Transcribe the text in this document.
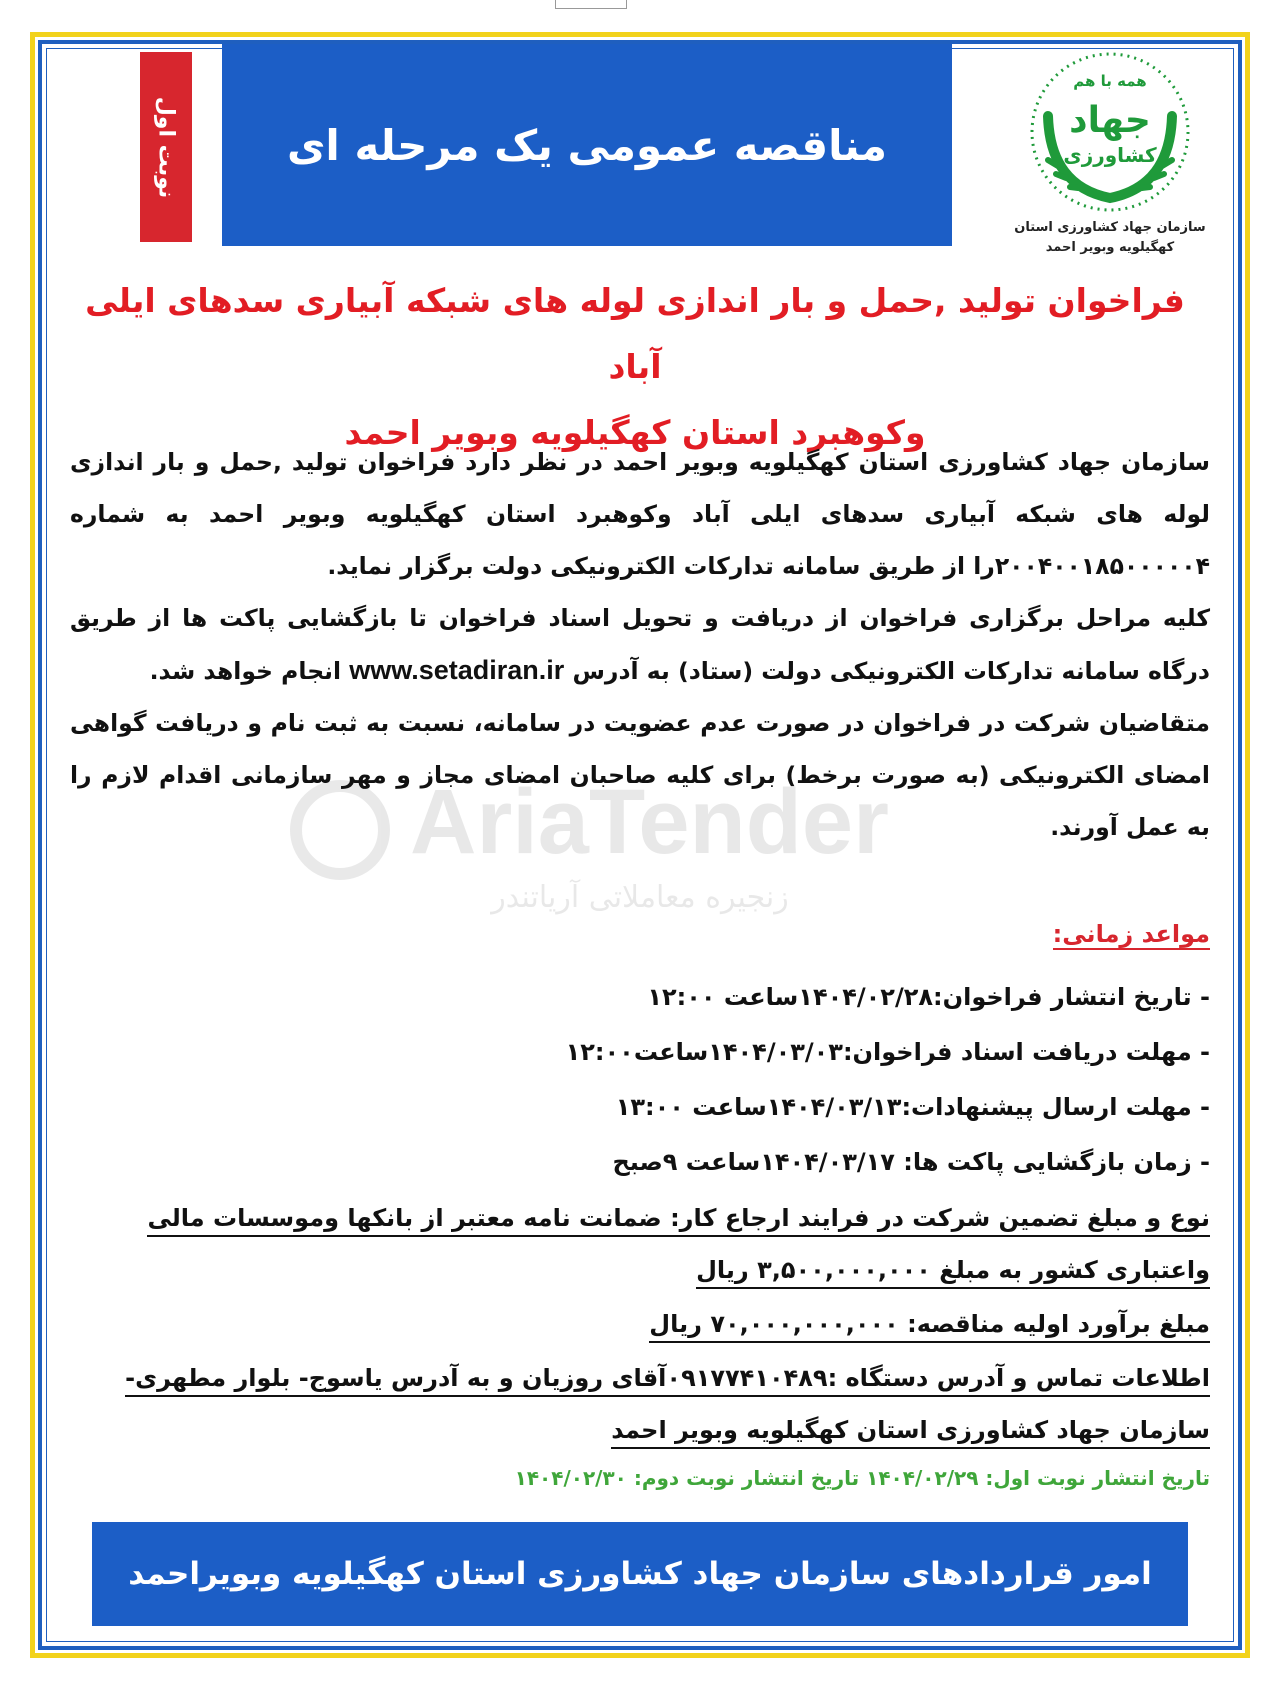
AriaTender
زنجیره معاملاتی آریاتندر
نوبت اول	مناقصه عمومی یک مرحله ای
همه با هم
جهاد
کشاورزی
سازمان جهاد کشاورزی استان
کهگیلویه وبویر احمد
فراخوان تولید ,حمل و بار اندازی لوله های شبکه آبیاری سدهای ایلی آباد
وکوهبرد استان کهگیلویه وبویر احمد

سازمان جهاد کشاورزی استان کهگیلویه وبویر احمد در نظر دارد فراخوان تولید ,حمل و بار اندازی لوله های شبکه آبیاری سدهای ایلی آباد وکوهبرد استان کهگیلویه وبویر احمد به شماره ۲۰۰۴۰۰۱۸۵۰۰۰۰۰۴را از طریق سامانه تدارکات الکترونیکی دولت برگزار نماید.

کلیه مراحل برگزاری فراخوان از دریافت و تحویل اسناد فراخوان تا بازگشایی پاکت ها از طریق درگاه سامانه تدارکات الکترونیکی دولت (ستاد) به آدرس www.setadiran.ir انجام خواهد شد.

متقاضیان شرکت در فراخوان در صورت عدم عضویت در سامانه، نسبت به ثبت نام و دریافت گواهی امضای الکترونیکی (به صورت برخط) برای کلیه صاحبان امضای مجاز و مهر سازمانی اقدام لازم را به عمل آورند.

مواعد زمانی:
- تاریخ انتشار فراخوان:۱۴۰۴/۰۲/۲۸ساعت ۱۲:۰۰
- مهلت دریافت اسناد فراخوان:۱۴۰۴/۰۳/۰۳ساعت۱۲:۰۰
- مهلت ارسال پیشنهادات:۱۴۰۴/۰۳/۱۳ساعت ۱۳:۰۰
- زمان بازگشایی پاکت ها: ۱۴۰۴/۰۳/۱۷ساعت ۹صبح
نوع و مبلغ تضمین شرکت در فرایند ارجاع کار: ضمانت نامه معتبر از بانکها وموسسات مالی
واعتباری کشور به مبلغ ۳,۵۰۰,۰۰۰,۰۰۰ ریال
مبلغ برآورد اولیه مناقصه: ۷۰,۰۰۰,۰۰۰,۰۰۰ ریال
اطلاعات تماس و آدرس دستگاه :۰۹۱۷۷۴۱۰۴۸۹آقای روزیان و به آدرس یاسوج- بلوار مطهری-
سازمان جهاد کشاورزی استان کهگیلویه وبویر احمد
تاریخ انتشار نوبت اول: ۱۴۰۴/۰۲/۲۹ تاریخ انتشار نوبت دوم: ۱۴۰۴/۰۲/۳۰
امور قراردادهای سازمان جهاد کشاورزی استان کهگیلویه وبویراحمد
